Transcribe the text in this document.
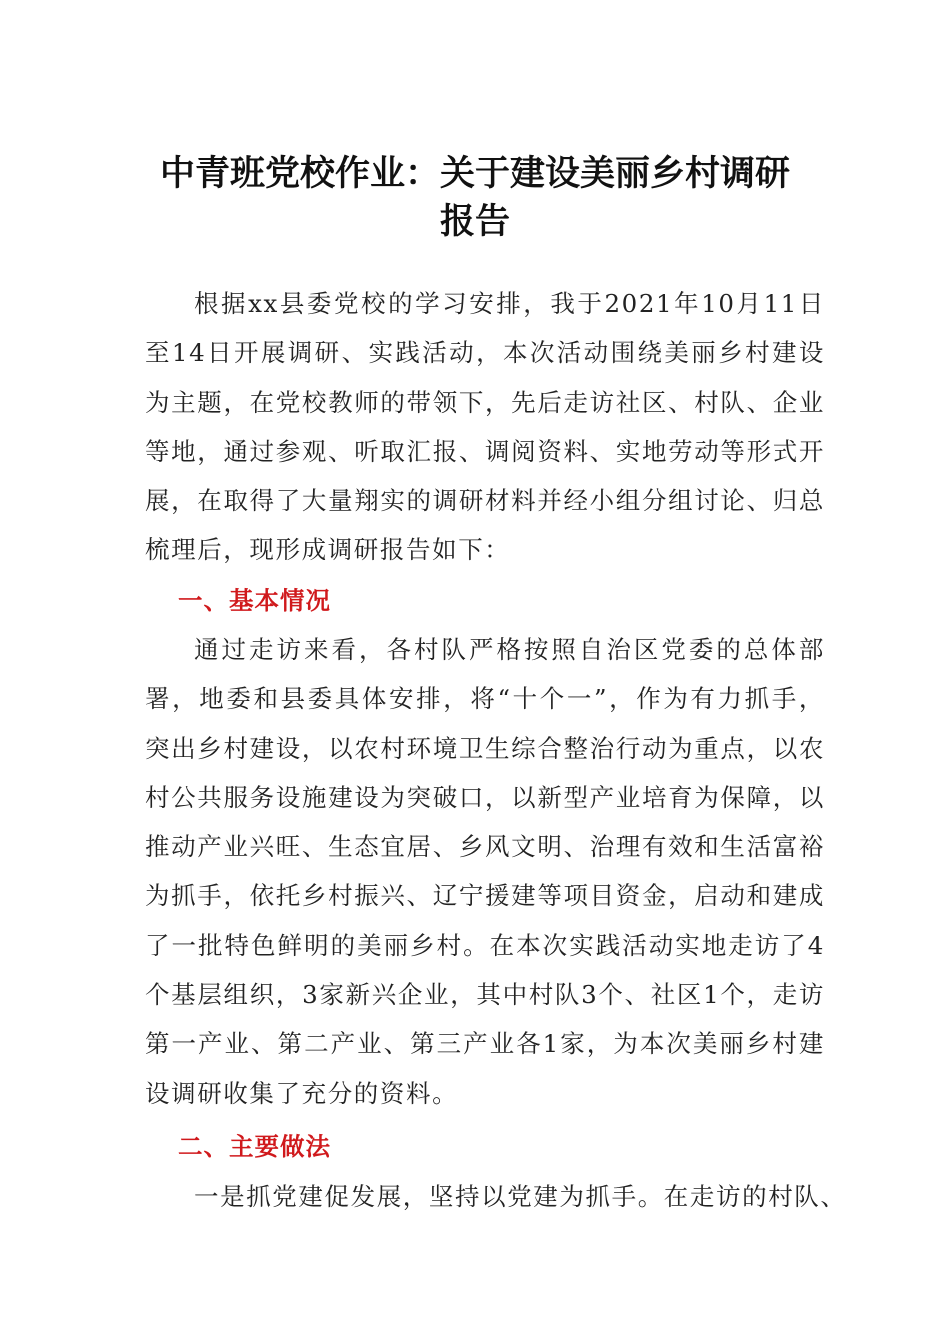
中青班党校作业：关于建设美丽乡村调研
报告

根据xx县委党校的学习安排，我于2021年10月11日至14日开展调研、实践活动，本次活动围绕美丽乡村建设为主题，在党校教师的带领下，先后走访社区、村队、企业等地，通过参观、听取汇报、调阅资料、实地劳动等形式开展，在取得了大量翔实的调研材料并经小组分组讨论、归总梳理后，现形成调研报告如下：

一、基本情况

通过走访来看，各村队严格按照自治区党委的总体部署，地委和县委具体安排，将“十个一”，作为有力抓手，突出乡村建设，以农村环境卫生综合整治行动为重点，以农村公共服务设施建设为突破口，以新型产业培育为保障，以推动产业兴旺、生态宜居、乡风文明、治理有效和生活富裕为抓手，依托乡村振兴、辽宁援建等项目资金，启动和建成了一批特色鲜明的美丽乡村。在本次实践活动实地走访了4个基层组织，3家新兴企业，其中村队3个、社区1个，走访第一产业、第二产业、第三产业各1家，为本次美丽乡村建设调研收集了充分的资料。

二、主要做法

一是抓党建促发展，坚持以党建为抓手。在走访的村队、
